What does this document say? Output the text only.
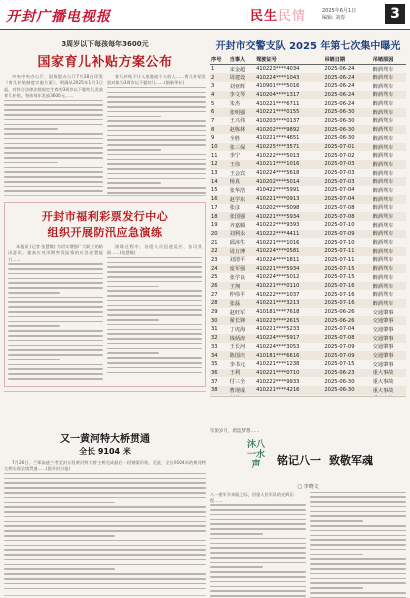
开封广播电视报	民生民情	2025年6月1日
编辑: 刘春	3
3周岁以下每孩每年3600元
国家育儿补贴方案公布
中央中央办公厅、国务院办公厅7月28日印发《育儿补贴制度实施方案》，明确从2025年1月1日起，对符合法律法规规定生育的3周岁以下婴幼儿发放育儿补贴，每孩每年发放3600元……
育儿补贴不计入家庭或个人收入……育儿补贴发放对象为3周岁以下婴幼儿……(据新华社)
开封市福利彩票发行中心
组织开展防汛应急演练
本报讯 (记者 张慧敏) 为切实增强广大职工的防汛意识，提高应对汛期突发险情的应急处置能力……
演练过程中，各组人员迅速反应、各司其职……(张慧敏)
开封市交警支队 2025 年第七次集中曝光
序号	当事人	驾驶证号	吊销日期	吊销原因
1	宋金超	410223****4034	2025-06-24	醉酒驾车
2	周建设	410224****1043	2025-06-24	醉酒驾车
3	刘亚辉	410901****5016	2025-06-24	醉酒驾车
4	李文琴	410204****1317	2025-06-24	醉酒驾车
5	朱杰	410221****6711	2025-06-24	醉酒驾车
6	张明强	410221****0155	2025-06-30	醉酒驾车
7	王兴伟	410203****0137	2025-06-30	醉酒驾车
8	赵栋林	410202****9892	2025-06-30	醉酒驾车
9	全胜	410221****4651	2025-06-30	醉酒驾车
10	张三保	410225****3571	2025-07-01	醉酒驾车
11	李宁	410222****5013	2025-07-02	醉酒驾车
12	王伟	410211****1016	2025-07-03	醉酒驾车
13	王会宾	410224****5618	2025-07-03	醉酒驾车
14	杨真	410202****5014	2025-07-03	醉酒驾车
15	张华浩	410422****5991	2025-07-04	醉酒驾车
16	赵学东	410221****0913	2025-07-04	醉酒驾车
17	张彦	410202****5098	2025-07-08	醉酒驾车
18	张国强	410221****5934	2025-07-08	醉酒驾车
19	齐嘉腾	410222****9393	2025-07-10	醉酒驾车
20	刘利永	410222****4411	2025-07-09	醉酒驾车
21	邱沐生	410221****1016	2025-07-10	醉酒驾车
22	周万博	410224****0581	2025-07-11	醉酒驾车
23	刘清平	410224****1811	2025-07-11	醉酒驾车
24	庞军强	410221****5934	2025-07-15	醉酒驾车
25	张学良	410224****5012	2025-07-15	醉酒驾车
26	王翔	410221****0110	2025-07-16	醉酒驾车
27	仲伟平	410222****1037	2025-07-16	醉酒驾车
28	张磊	410221****3213	2025-07-16	醉酒驾车
29	赵旺军	410181****7618	2025-06-26	交通肇事
30	翟长锋	410223****2615	2025-06-26	交通肇事
31	丁虎海	410221****5233	2025-07-04	交通肇事
32	钱炳涛	410224****5917	2025-07-08	交通肇事
33	王长河	410224****3053	2025-07-09	交通肇事
34	陈国庆	410181****6616	2025-07-09	交通肇事
35	李书元	410221****1238	2025-07-15	交通肇事
36	王利	410221****0710	2025-06-23	重大事故
37	付三全	410222****9933	2025-06-30	重大事故
38	曹现成	410221****4216	2025-06-30	重大事故

又一黄河特大桥贯通
全长 9104 米
7月26日，兰郑高速兰考至封丘段黄河特大桥主桥完成最后一段钢梁吊装，至此，全长9104米的黄河特大桥实现全线贯通……(据开封日报)
军旅岁月，蔚蓝梦想……
沐八一水声	铭记八一 致敬军魂
□ 李晓文
八一建军节来临之际，回望人民军队的光辉历程……
